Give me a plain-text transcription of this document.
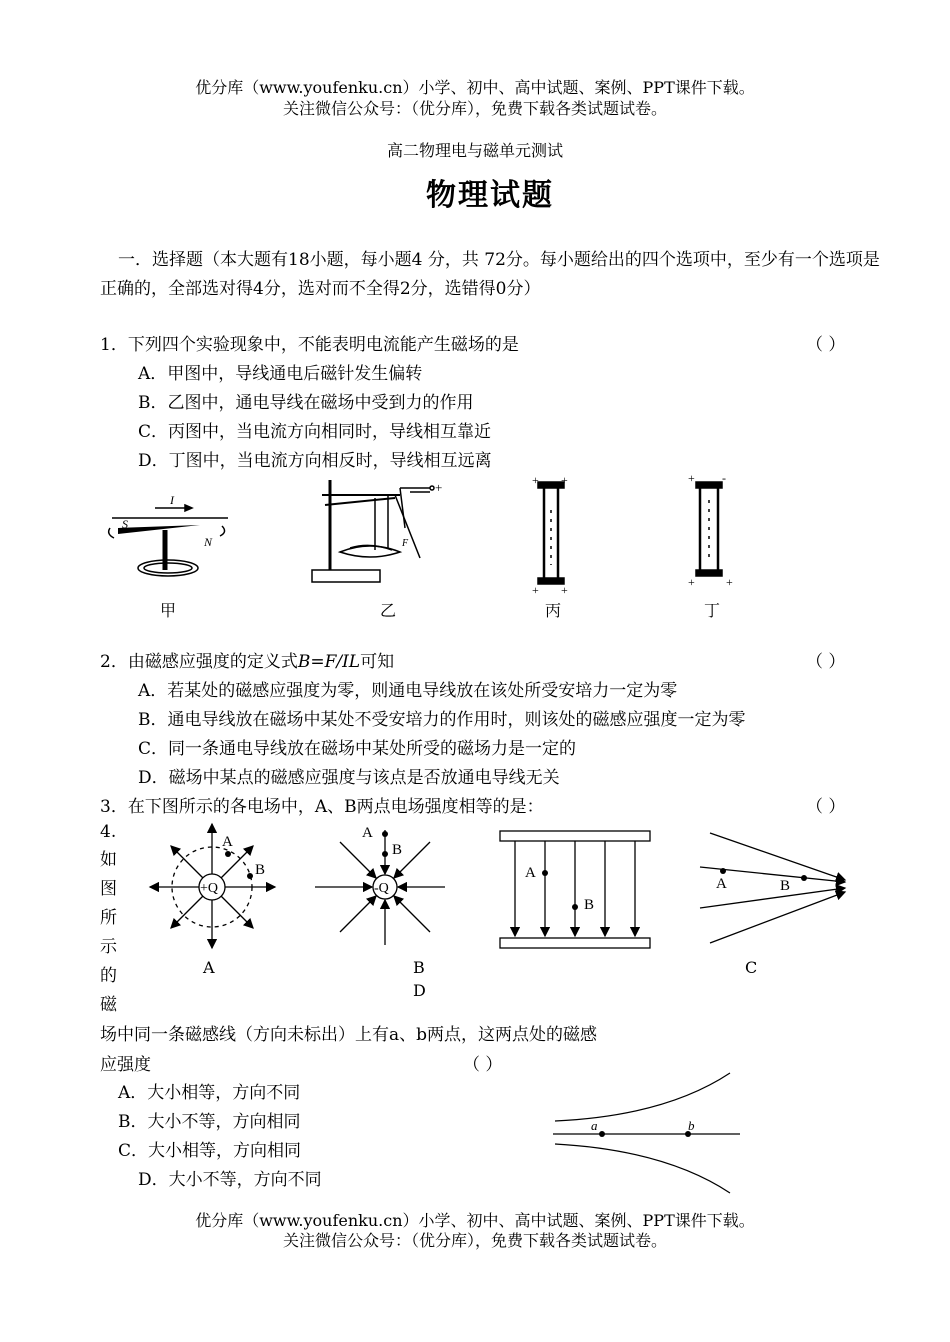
优分库（www.youfenku.cn）小学、初中、高中试题、案例、PPT课件下载。
关注微信公众号：（优分库），免费下载各类试题试卷。
高二物理电与磁单元测试
物理试题
一．选择题（本大题有18小题，每小题4 分，共 72分。每小题给出的四个选项中，至少有一个选项是正确的，全部选对得4分，选对而不全得2分，选错得0分）
1．下列四个实验现象中，不能表明电流能产生磁场的是	（ ）
A．甲图中，导线通电后磁针发生偏转
B．乙图中，通电导线在磁场中受到力的作用
C．丙图中，当电流方向相同时，导线相互靠近
D．丁图中，当电流方向相反时，导线相互远离
I
S
N
+
F
+ +
+ +
+ -
+	+
甲	乙	丙	丁
2．由磁感应强度的定义式B=F/IL可知	（ ）
A．若某处的磁感应强度为零，则通电导线放在该处所受安培力一定为零
B．通电导线放在磁场中某处不受安培力的作用时，则该处的磁感应强度一定为零
C．同一条通电导线放在磁场中某处所受的磁场力是一定的
D．磁场中某点的磁感应强度与该点是否放通电导线无关
3．在下图所示的各电场中，A、B两点电场强度相等的是：	（ ）
A
B
+Q
A
B
-Q
A
B
A	B
A	B
D
C
4.
如
图
所
示
的
磁
场中同一条磁感线（方向未标出）上有a、b两点，这两点处的磁感
应强度	（ ）
A．大小相等，方向不同
B．大小不等，方向相同
C．大小相等，方向相同
D．大小不等，方向不同
a	b
优分库（www.youfenku.cn）小学、初中、高中试题、案例、PPT课件下载。
关注微信公众号：（优分库），免费下载各类试题试卷。
